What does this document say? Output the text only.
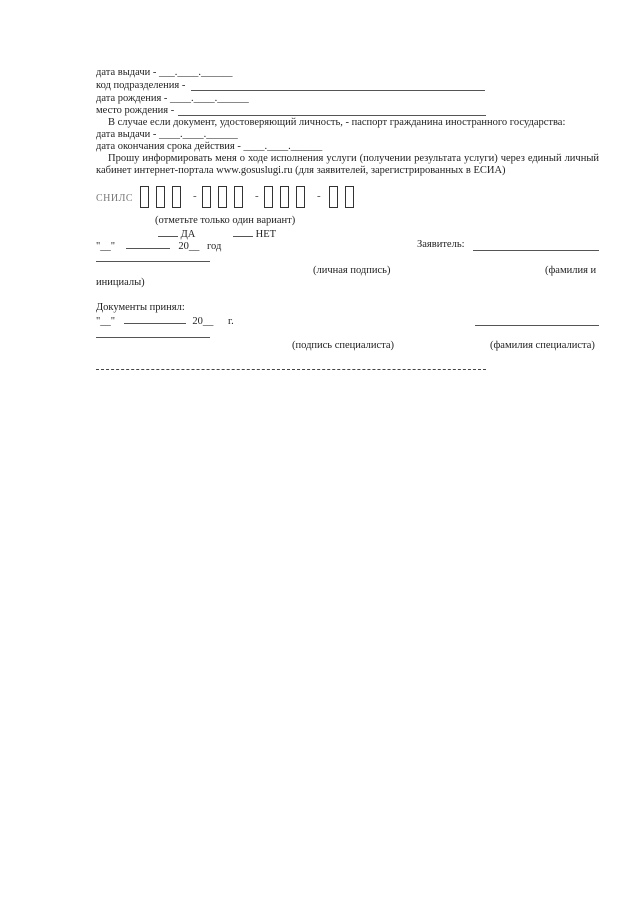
дата выдачи - ___.____.______
код подразделения -
дата рождения - ____.____.______
место рождения -
В случае если документ, удостоверяющий личность, - паспорт гражданина иностранного государства:
дата выдачи - ____.____.______
дата окончания срока действия - ____.____.______
Прошу информировать меня о ходе исполнения услуги (получении результата услуги) через единый личный кабинет интернет-портала www.gosuslugi.ru (для заявителей, зарегистрированных в ЕСИА)
СНИЛС	-	-	-
(отметьте только один вариант)
ДА	НЕТ
"__"	20__ год	Заявитель:
(личная подпись)	(фамилия и
инициалы)
Документы принял:
"__"	20__ г.
(подпись специалиста)	(фамилия специалиста)
